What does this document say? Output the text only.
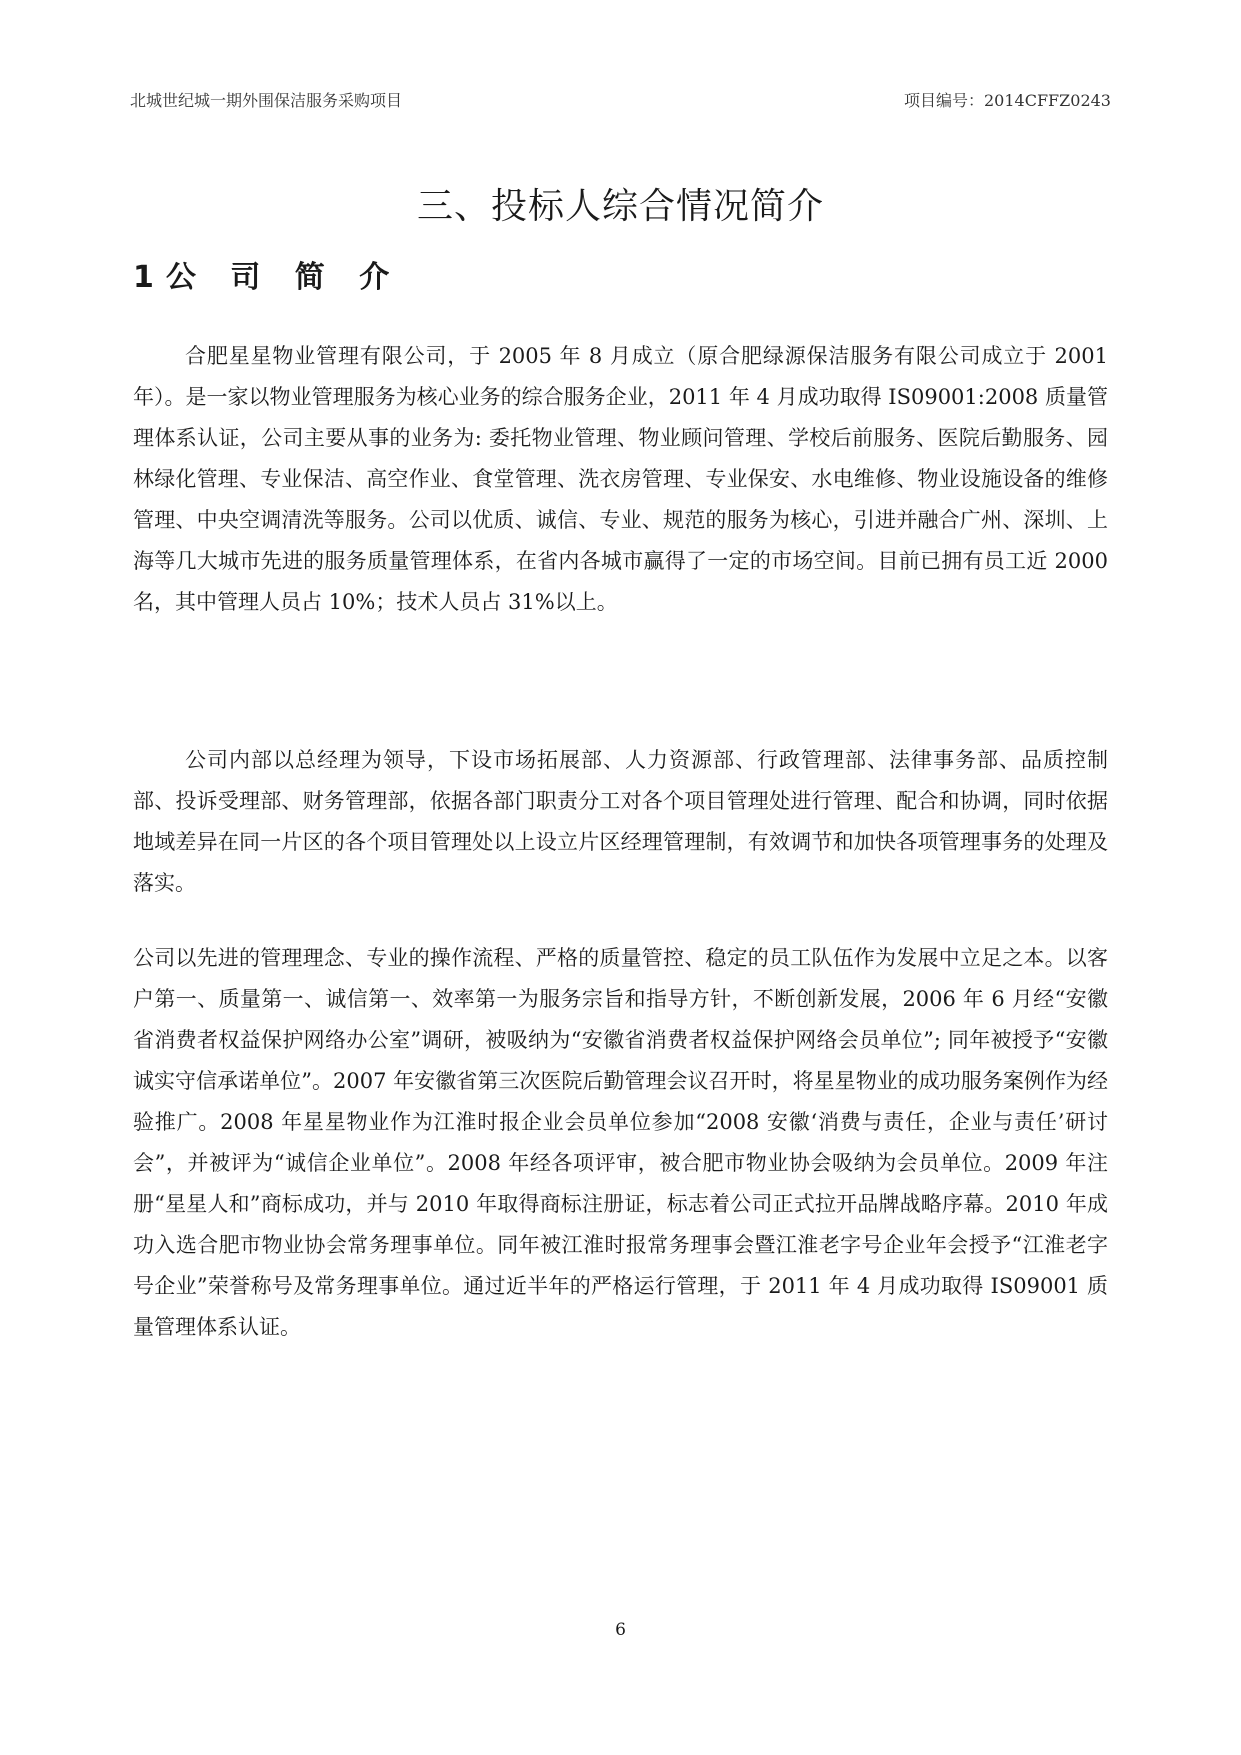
北城世纪城一期外围保洁服务采购项目	项目编号：2014CFFZ0243
三、投标人综合情况简介
1公 司 简 介

合肥星星物业管理有限公司，于 2005 年 8 月成立（原合肥绿源保洁服务有限公司成立于 2001 年）。是一家以物业管理服务为核心业务的综合服务企业，2011 年 4 月成功取得 IS09001:2008 质量管理体系认证，公司主要从事的业务为: 委托物业管理、物业顾问管理、学校后前服务、医院后勤服务、园林绿化管理、专业保洁、高空作业、食堂管理、洗衣房管理、专业保安、水电维修、物业设施设备的维修管理、中央空调清洗等服务。公司以优质、诚信、专业、规范的服务为核心，引进并融合广州、深圳、上海等几大城市先进的服务质量管理体系，在省内各城市赢得了一定的市场空间。目前已拥有员工近 2000 名，其中管理人员占 10%；技术人员占 31%以上。

公司内部以总经理为领导，下设市场拓展部、人力资源部、行政管理部、法律事务部、品质控制部、投诉受理部、财务管理部，依据各部门职责分工对各个项目管理处进行管理、配合和协调，同时依据地域差异在同一片区的各个项目管理处以上设立片区经理管理制，有效调节和加快各项管理事务的处理及落实。

公司以先进的管理理念、专业的操作流程、严格的质量管控、稳定的员工队伍作为发展中立足之本。以客户第一、质量第一、诚信第一、效率第一为服务宗旨和指导方针，不断创新发展，2006 年 6 月经“安徽省消费者权益保护网络办公室”调研，被吸纳为“安徽省消费者权益保护网络会员单位”; 同年被授予“安徽诚实守信承诺单位”。2007 年安徽省第三次医院后勤管理会议召开时，将星星物业的成功服务案例作为经验推广。2008 年星星物业作为江淮时报企业会员单位参加“2008 安徽‘消费与责任，企业与责任’研讨会”，并被评为“诚信企业单位”。2008 年经各项评审，被合肥市物业协会吸纳为会员单位。2009 年注册“星星人和”商标成功，并与 2010 年取得商标注册证，标志着公司正式拉开品牌战略序幕。2010 年成功入选合肥市物业协会常务理事单位。同年被江淮时报常务理事会暨江淮老字号企业年会授予“江淮老字号企业”荣誉称号及常务理事单位。通过近半年的严格运行管理，于 2011 年 4 月成功取得 IS09001 质量管理体系认证。

6
